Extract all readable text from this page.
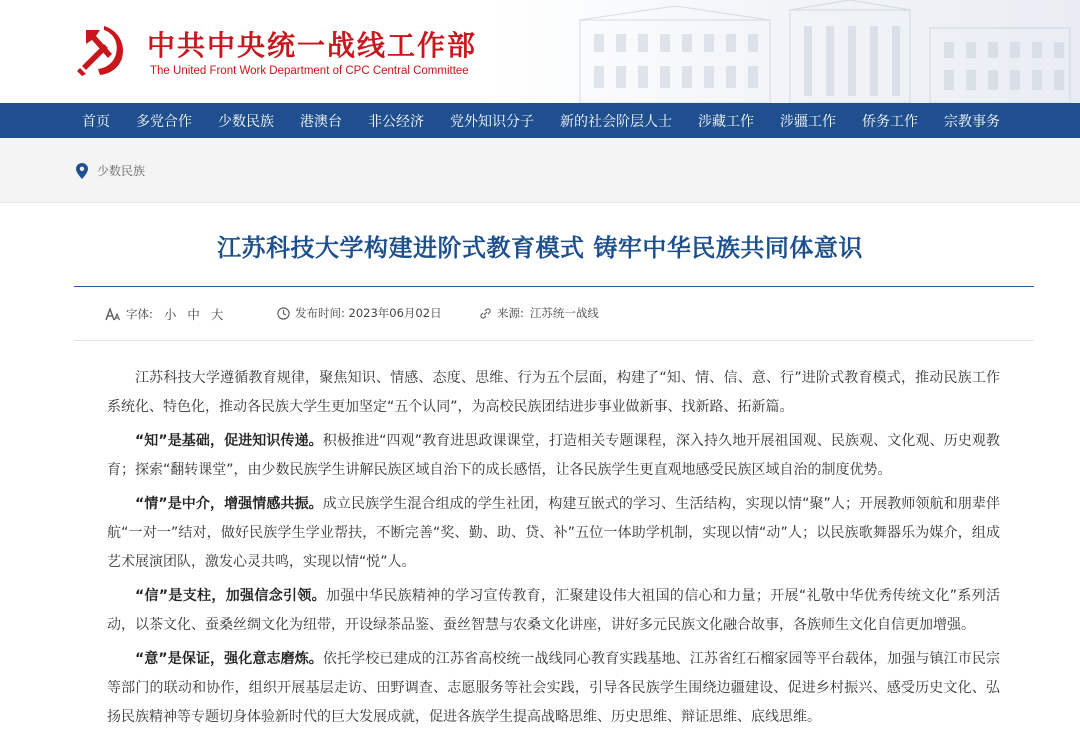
中共中央统一战线工作部
The United Front Work Department of CPC Central Committee
首页 多党合作 少数民族 港澳台 非公经济 党外知识分子 新的社会阶层人士 涉藏工作 涉疆工作 侨务工作 宗教事务
少数民族
江苏科技大学构建进阶式教育模式 铸牢中华民族共同体意识
字体: 小 中 大	发布时间: 2023年06月02日	来源: 江苏统一战线

江苏科技大学遵循教育规律，聚焦知识、情感、态度、思维、行为五个层面，构建了“知、情、信、意、行”进阶式教育模式，推动民族工作系统化、特色化，推动各民族大学生更加坚定“五个认同”，为高校民族团结进步事业做新事、找新路、拓新篇。

“知”是基础，促进知识传递。积极推进“四观”教育进思政课课堂，打造相关专题课程，深入持久地开展祖国观、民族观、文化观、历史观教育；探索“翻转课堂”，由少数民族学生讲解民族区域自治下的成长感悟，让各民族学生更直观地感受民族区域自治的制度优势。

“情”是中介，增强情感共振。成立民族学生混合组成的学生社团，构建互嵌式的学习、生活结构，实现以情“聚”人；开展教师领航和朋辈伴航“一对一”结对，做好民族学生学业帮扶，不断完善“奖、勤、助、贷、补”五位一体助学机制，实现以情“动”人；以民族歌舞器乐为媒介，组成艺术展演团队，激发心灵共鸣，实现以情“悦”人。

“信”是支柱，加强信念引领。加强中华民族精神的学习宣传教育，汇聚建设伟大祖国的信心和力量；开展“礼敬中华优秀传统文化”系列活动，以茶文化、蚕桑丝绸文化为纽带，开设绿茶品鉴、蚕丝智慧与农桑文化讲座，讲好多元民族文化融合故事，各族师生文化自信更加增强。

“意”是保证，强化意志磨炼。依托学校已建成的江苏省高校统一战线同心教育实践基地、江苏省红石榴家园等平台载体，加强与镇江市民宗等部门的联动和协作，组织开展基层走访、田野调查、志愿服务等社会实践，引导各民族学生围绕边疆建设、促进乡村振兴、感受历史文化、弘扬民族精神等专题切身体验新时代的巨大发展成就，促进各族学生提高战略思维、历史思维、辩证思维、底线思维。
